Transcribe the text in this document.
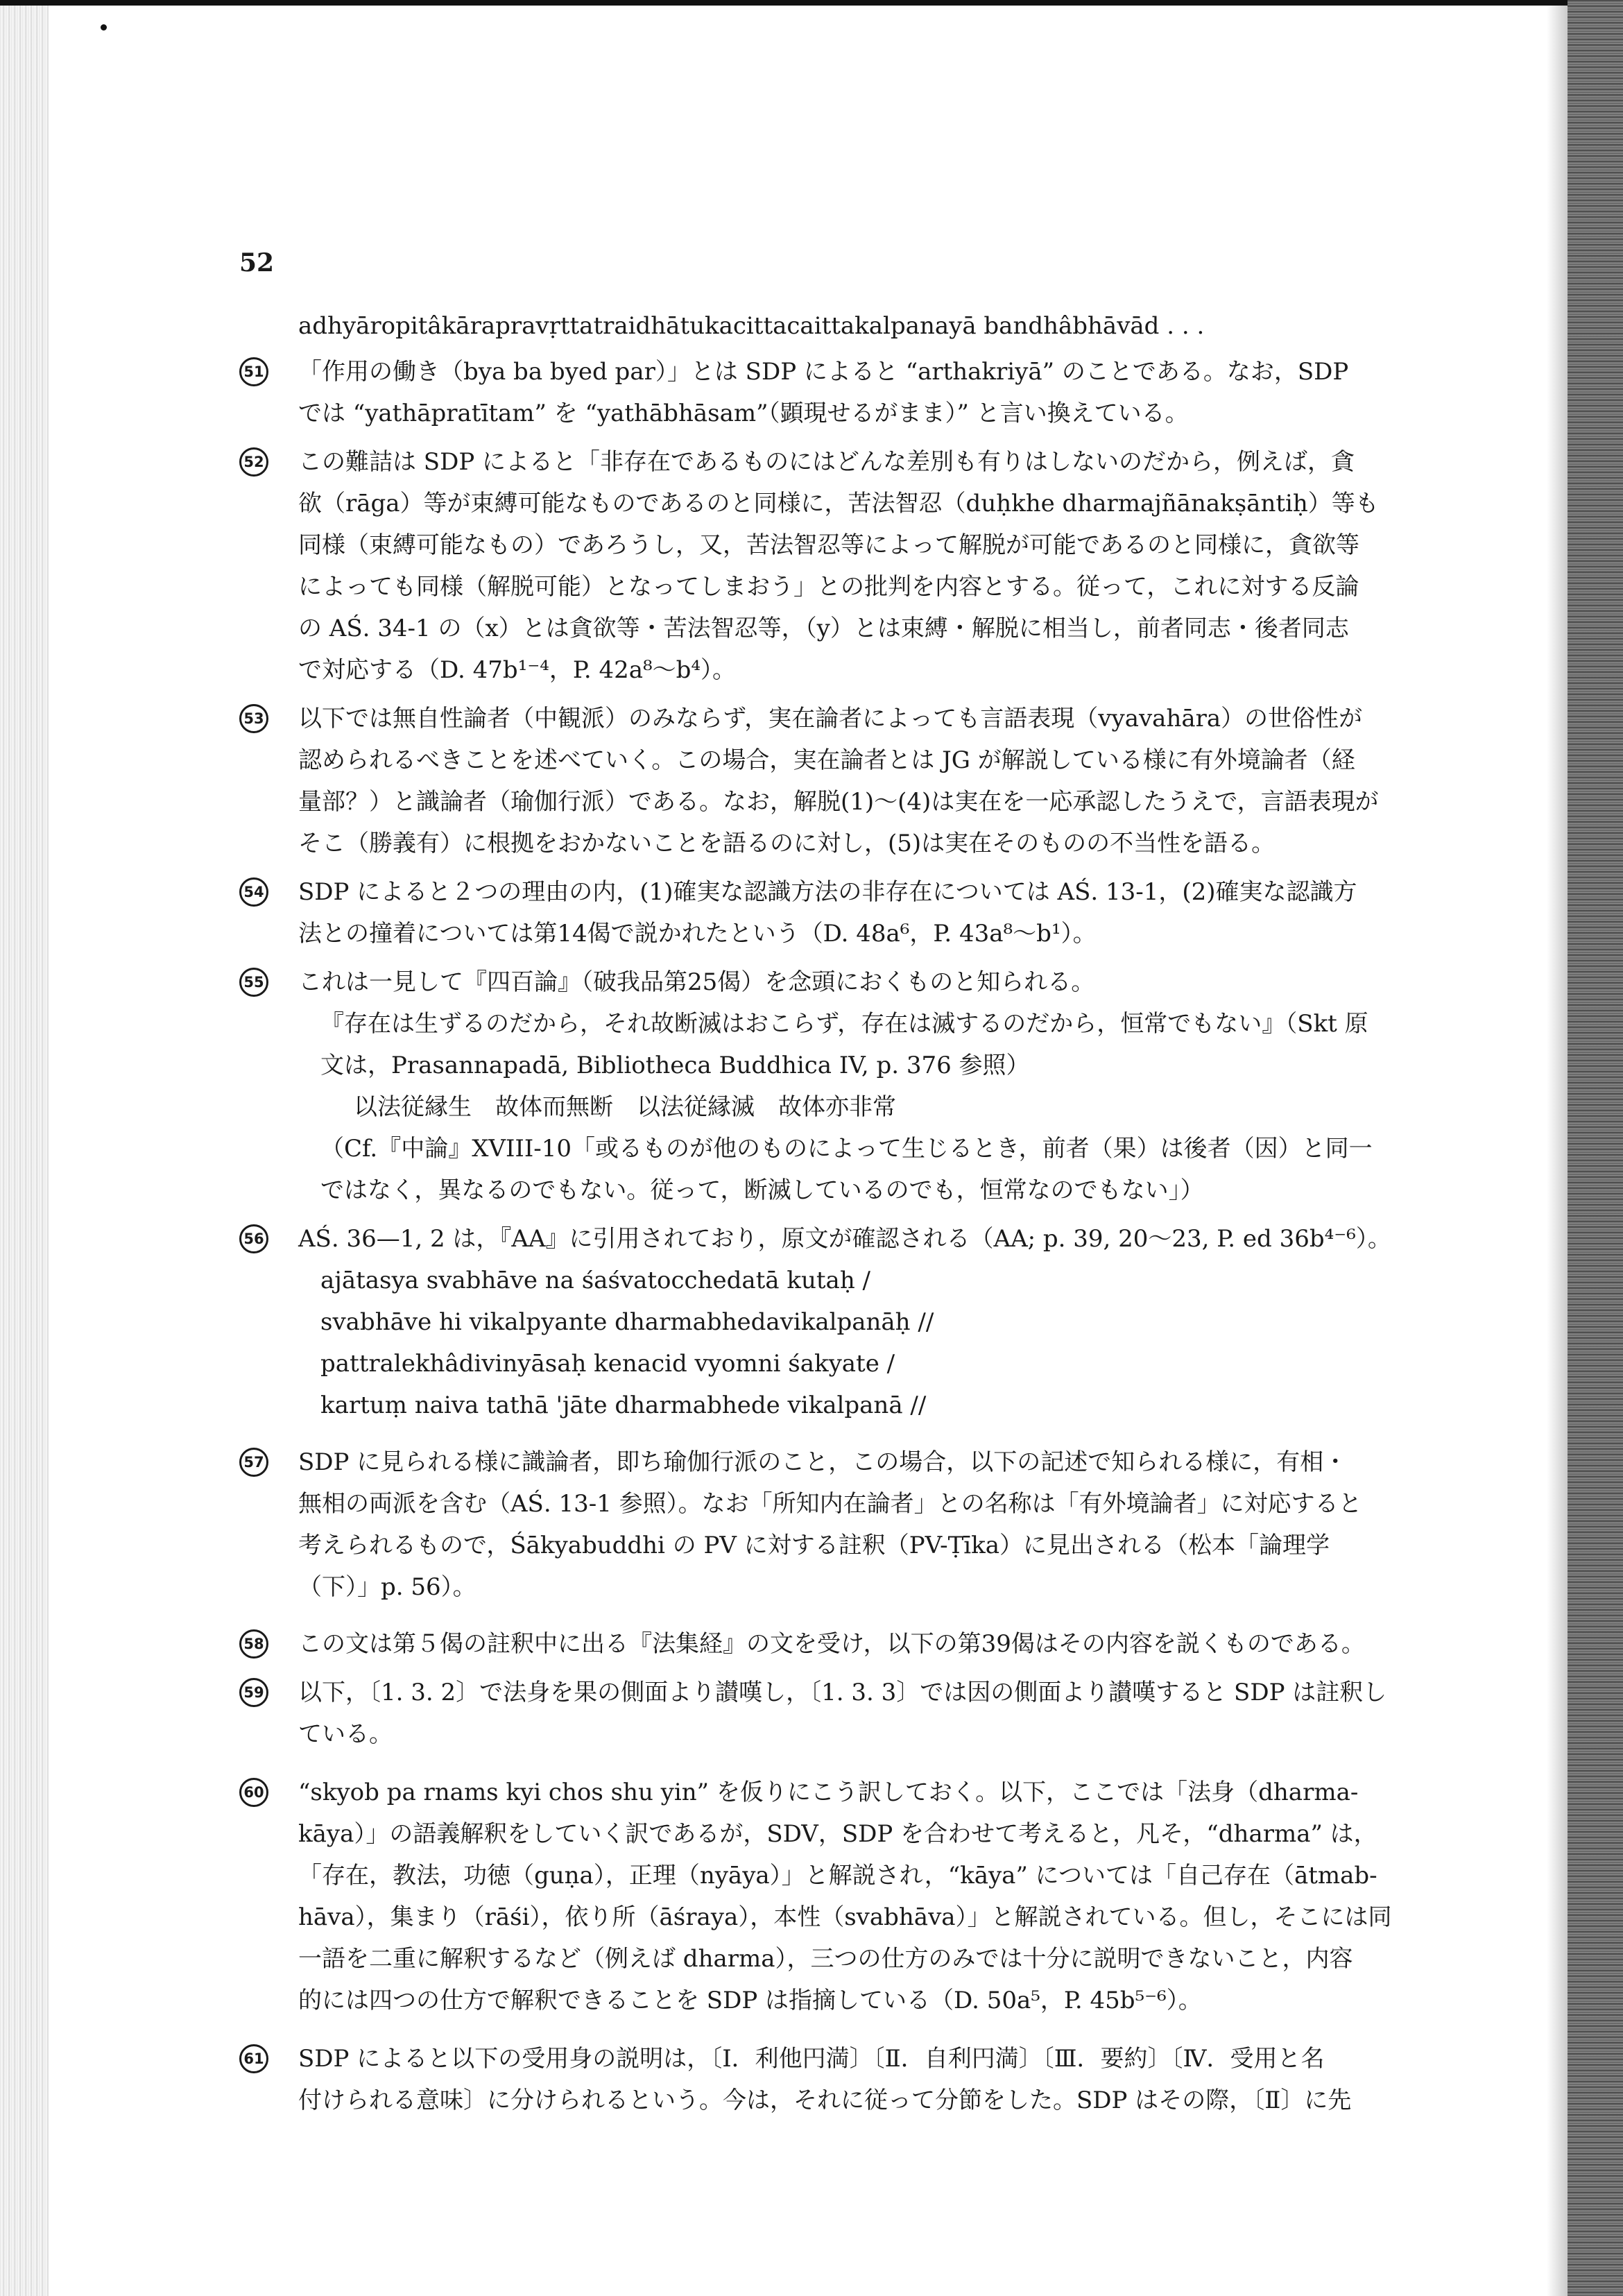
52
adhyāropitâkārapravṛttatraidhātukacittacaittakalpanayā bandhâbhāvād . . .
51 「作用の働き（bya ba byed par）」とは SDP によると “arthakriyā” のことである。なお，SDP
では “yathāpratītam” を “yathābhāsam”（顕現せるがまま）” と言い換えている。
52 この難詰は SDP によると「非存在であるものにはどんな差別も有りはしないのだから，例えば，貪
欲（rāga）等が束縛可能なものであるのと同様に，苦法智忍（duḥkhe dharmajñānakṣāntiḥ）等も
同様（束縛可能なもの）であろうし，又，苦法智忍等によって解脱が可能であるのと同様に，貪欲等
によっても同様（解脱可能）となってしまおう」との批判を内容とする。従って，これに対する反論
の AŚ. 34-1 の（x）とは貪欲等・苦法智忍等，（y）とは束縛・解脱に相当し，前者同志・後者同志
で対応する（D. 47b¹⁻⁴，P. 42a⁸～b⁴）。
53 以下では無自性論者（中観派）のみならず，実在論者によっても言語表現（vyavahāra）の世俗性が
認められるべきことを述べていく。この場合，実在論者とは JG が解説している様に有外境論者（経
量部？）と識論者（瑜伽行派）である。なお，解脱(1)～(4)は実在を一応承認したうえで，言語表現が
そこ（勝義有）に根拠をおかないことを語るのに対し，(5)は実在そのものの不当性を語る。
54 SDP によると２つの理由の内，(1)確実な認識方法の非存在については AŚ. 13-1，(2)確実な認識方
法との撞着については第14偈で説かれたという（D. 48a⁶，P. 43a⁸～b¹）。
55 これは一見して『四百論』（破我品第25偈）を念頭におくものと知られる。
『存在は生ずるのだから，それ故断滅はおこらず，存在は滅するのだから，恒常でもない』（Skt 原
文は，Prasannapadā, Bibliotheca Buddhica IV, p. 376 参照）
以法従縁生　故体而無断　以法従縁滅　故体亦非常
（Cf.『中論』XVIII-10「或るものが他のものによって生じるとき，前者（果）は後者（因）と同一
ではなく，異なるのでもない。従って，断滅しているのでも，恒常なのでもない」）
56 AŚ. 36—1, 2 は，『AA』に引用されており，原文が確認される（AA; p. 39, 20～23, P. ed 36b⁴⁻⁶）。
ajātasya svabhāve na śaśvatocchedatā kutaḥ /
svabhāve hi vikalpyante dharmabhedavikalpanāḥ //
pattralekhâdivinyāsaḥ kenacid vyomni śakyate /
kartuṃ naiva tathā 'jāte dharmabhede vikalpanā //
57 SDP に見られる様に識論者，即ち瑜伽行派のこと，この場合，以下の記述で知られる様に，有相・
無相の両派を含む（AŚ. 13-1 参照）。なお「所知内在論者」との名称は「有外境論者」に対応すると
考えられるもので，Śākyabuddhi の PV に対する註釈（PV-Ṭīka）に見出される（松本「論理学
（下）」p. 56）。
58 この文は第５偈の註釈中に出る『法集経』の文を受け，以下の第39偈はその内容を説くものである。
59 以下，〔1. 3. 2〕で法身を果の側面より讃嘆し，〔1. 3. 3〕では因の側面より讃嘆すると SDP は註釈し
ている。
60 “skyob pa rnams kyi chos shu yin” を仮りにこう訳しておく。以下，ここでは「法身（dharma-
kāya）」の語義解釈をしていく訳であるが，SDV，SDP を合わせて考えると，凡そ，“dharma” は，
「存在，教法，功徳（guṇa），正理（nyāya）」と解説され，“kāya” については「自己存在（ātmab-
hāva），集まり（rāśi），依り所（āśraya），本性（svabhāva）」と解説されている。但し，そこには同
一語を二重に解釈するなど（例えば dharma），三つの仕方のみでは十分に説明できないこと，内容
的には四つの仕方で解釈できることを SDP は指摘している（D. 50a⁵，P. 45b⁵⁻⁶）。
61 SDP によると以下の受用身の説明は，〔Ⅰ．利他円満〕〔Ⅱ．自利円満〕〔Ⅲ．要約〕〔Ⅳ．受用と名
付けられる意味〕に分けられるという。今は，それに従って分節をした。SDP はその際，〔Ⅱ〕に先
